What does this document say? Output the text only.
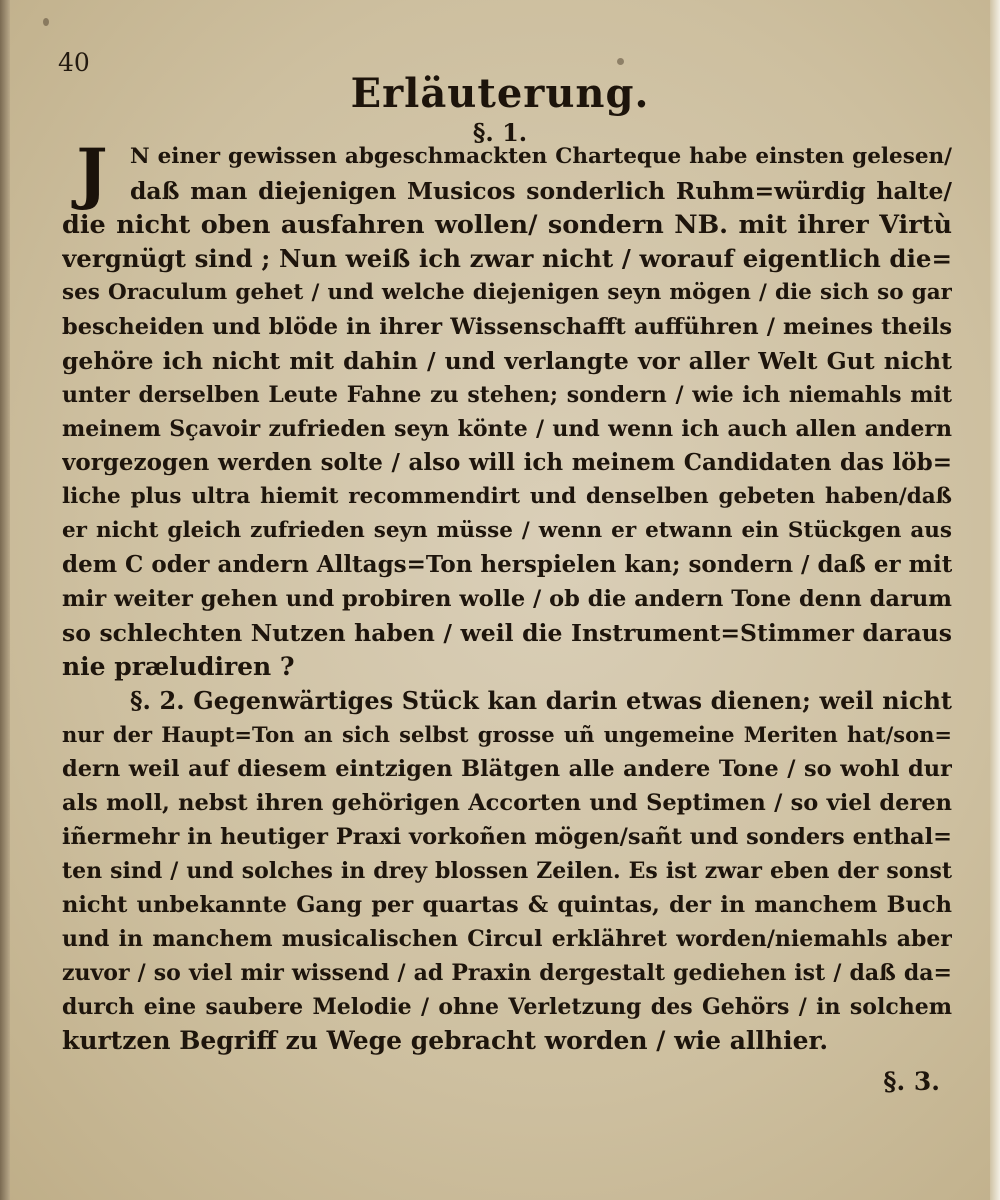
40
Erläuterung.
§. 1.
J	N einer gewissen abgeschmackten Charteque habe einsten gelesen/
daß man diejenigen Musicos sonderlich Ruhm=würdig halte/
die nicht oben ausfahren wollen/ sondern NB. mit ihrer Virtù
vergnügt sind ; Nun weiß ich zwar nicht / worauf eigentlich die=
ses Oraculum gehet / und welche diejenigen seyn mögen / die sich so gar
bescheiden und blöde in ihrer Wissenschafft aufführen / meines theils
gehöre ich nicht mit dahin / und verlangte vor aller Welt Gut nicht
unter derselben Leute Fahne zu stehen; sondern / wie ich niemahls mit
meinem Sçavoir zufrieden seyn könte / und wenn ich auch allen andern
vorgezogen werden solte / also will ich meinem Candidaten das löb=
liche plus ultra hiemit recommendirt und denselben gebeten haben/daß
er nicht gleich zufrieden seyn müsse / wenn er etwann ein Stückgen aus
dem C oder andern Alltags=Ton herspielen kan; sondern / daß er mit
mir weiter gehen und probiren wolle / ob die andern Tone denn darum
so schlechten Nutzen haben / weil die Instrument=Stimmer daraus
nie præludiren ?
§. 2. Gegenwärtiges Stück kan darin etwas dienen; weil nicht
nur der Haupt=Ton an sich selbst grosse uñ ungemeine Meriten hat/son=
dern weil auf diesem eintzigen Blätgen alle andere Tone / so wohl dur
als moll, nebst ihren gehörigen Accorten und Septimen / so viel deren
iñermehr in heutiger Praxi vorkoñen mögen/sañt und sonders enthal=
ten sind / und solches in drey blossen Zeilen. Es ist zwar eben der sonst
nicht unbekannte Gang per quartas & quintas, der in manchem Buch
und in manchem musicalischen Circul erklähret worden/niemahls aber
zuvor / so viel mir wissend / ad Praxin dergestalt gediehen ist / daß da=
durch eine saubere Melodie / ohne Verletzung des Gehörs / in solchem
kurtzen Begriff zu Wege gebracht worden / wie allhier.
§. 3.
